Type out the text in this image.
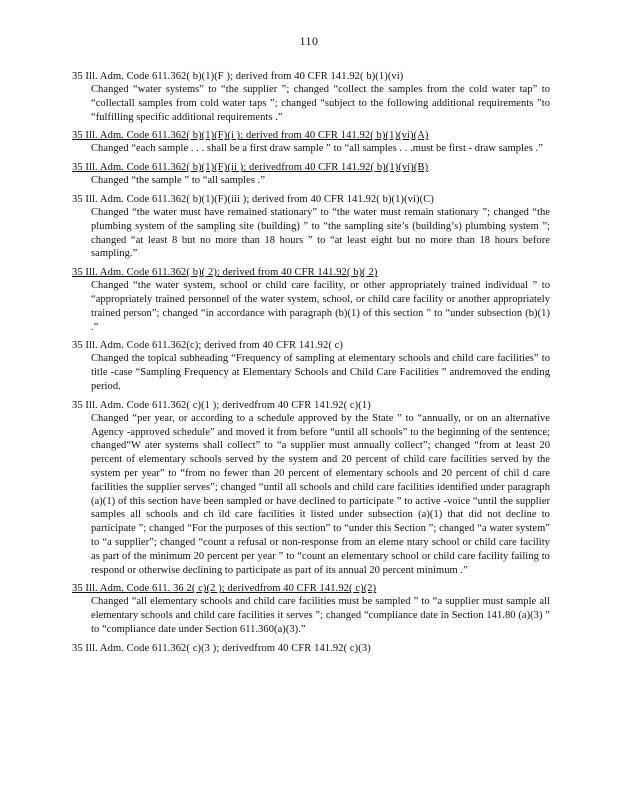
110
35 Ill. Adm. Code 611.362( b)(1)(F ); derived from 40 CFR 141.92( b)(1)(vi)
Changed “water systems” to “the supplier ”; changed “collect the samples from the cold water tap” to “collectall samples from cold water taps ”; changed “subject to the following additional requirements ”to “fulfilling specific additional requirements .”
35 Ill. Adm. Code 611.362( b)(1)(F)(i ); derived from 40 CFR 141.92( b)(1)(vi)(A)
Changed “each sample . . . shall be a first draw sample ” to “all samples . . .must be first - draw samples .”
35 Ill. Adm. Code 611.362( b)(1)(F)(ii ); derivedfrom 40 CFR 141.92( b)(1)(vi)(B)
Changed “the sample ” to “all samples .”
35 Ill. Adm. Code 611.362( b)(1)(F)(iii ); derived from 40 CFR 141.92( b)(1)(vi)(C)
Changed “the water must have remained stationary” to “the water must remain stationary ”; changed “the plumbing system of the sampling site (building) ” to “the sampling site’s (building’s) plumbing system ”; changed “at least 8 but no more than 18 hours ” to “at least eight but no more than 18 hours before sampling.”
35 Ill. Adm. Code 611.362( b)( 2); derived from 40 CFR 141.92( b)( 2)
Changed “the water system, school or child care facility, or other appropriately trained individual ” to “appropriately trained personnel of the water system, school, or child care facility or another appropriately trained person”; changed “in accordance with paragraph (b)(1) of this section ” to “under subsection (b)(1) .”
35 Ill. Adm. Code 611.362(c); derived from 40 CFR 141.92( c)
Changed the topical subheading “Frequency of sampling at elementary schools and child care facilities” to title -case “Sampling Frequency at Elementary Schools and Child Care Facilities ” andremoved the ending period.
35 Ill. Adm. Code 611.362( c)(1 ); derivedfrom 40 CFR 141.92( c)(1)
Changed “per year, or according to a schedule approved by the State ” to “annually, or on an alternative Agency -approved schedule” and moved it from before “until all schools” to the beginning of the sentence; changed“W ater systems shall collect” to “a supplier must annually collect”; changed “from at least 20 percent of elementary schools served by the system and 20 percent of child care facilities served by the system per year” to “from no fewer than 20 percent of elementary schools and 20 percent of chil d care facilities the supplier serves”; changed “until all schools and child care facilities identified under paragraph (a)(1) of this section have been sampled or have declined to participate ” to active -voice “until the supplier samples all schools and ch ild care facilities it listed under subsection (a)(1) that did not decline to participate ”; changed “For the purposes of this section” to “under this Section ”; changed “a water system” to “a supplier”; changed “count a refusal or non-response from an eleme ntary school or child care facility as part of the minimum 20 percent per year ” to “count an elementary school or child care facility failing to respond or otherwise declining to participate as part of its annual 20 percent minimum .”
35 Ill. Adm. Code 611. 36 2( c)(2 ); derivedfrom 40 CFR 141.92( c)(2)
Changed “all elementary schools and child care facilities must be sampled ” to “a supplier must sample all elementary schools and child care facilities it serves ”; changed “compliance date in Section 141.80 (a)(3) ” to “compliance date under Section 611.360(a)(3).”
35 Ill. Adm. Code 611.362( c)(3 ); derivedfrom 40 CFR 141.92( c)(3)
